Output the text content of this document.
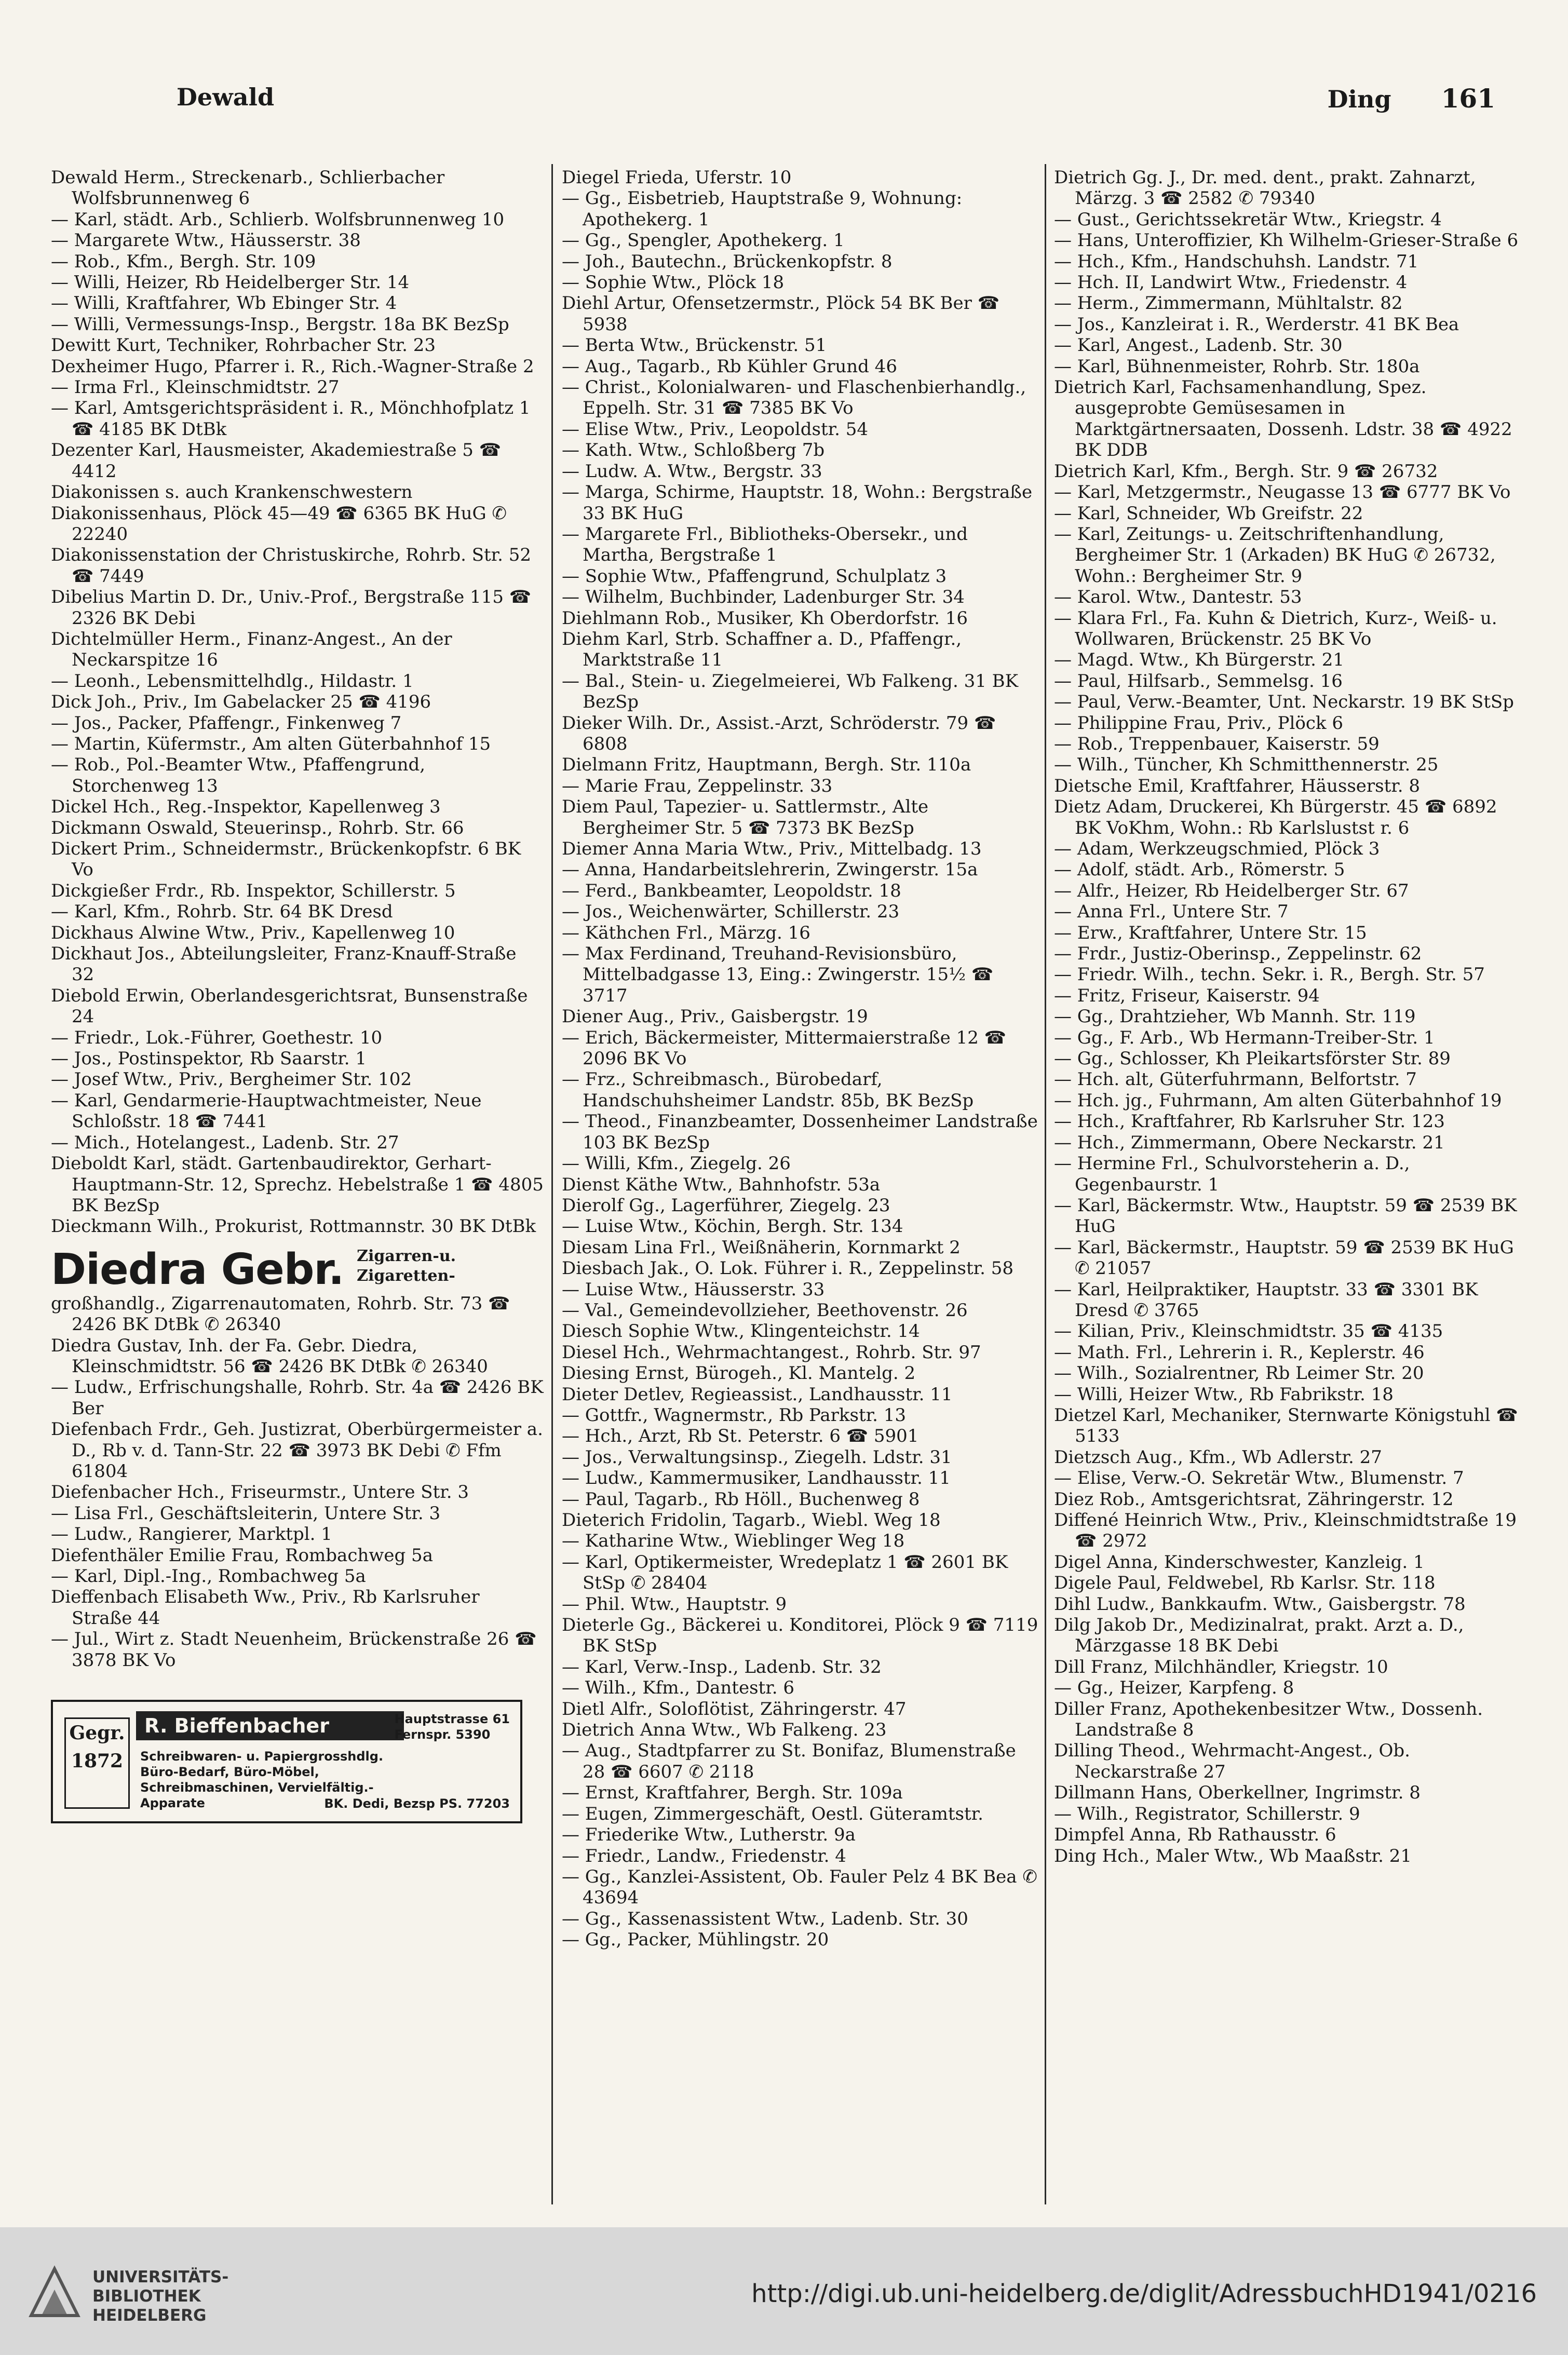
Dewald	Ding 161

Dewald Herm., Streckenarb., Schlierbacher Wolfsbrunnenweg 6

— Karl, städt. Arb., Schlierb. Wolfsbrunnenweg 10

— Margarete Wtw., Häusserstr. 38

— Rob., Kfm., Bergh. Str. 109

— Willi, Heizer, Rb Heidelberger Str. 14

— Willi, Kraftfahrer, Wb Ebinger Str. 4

— Willi, Vermessungs-Insp., Bergstr. 18a BK BezSp

Dewitt Kurt, Techniker, Rohrbacher Str. 23

Dexheimer Hugo, Pfarrer i. R., Rich.-Wagner-Straße 2

— Irma Frl., Kleinschmidtstr. 27

— Karl, Amtsgerichtspräsident i. R., Mönchhofplatz 1 ☎ 4185 BK DtBk

Dezenter Karl, Hausmeister, Akademiestraße 5 ☎ 4412

Diakonissen s. auch Krankenschwestern

Diakonissenhaus, Plöck 45—49 ☎ 6365 BK HuG ✆ 22240

Diakonissenstation der Christuskirche, Rohrb. Str. 52 ☎ 7449

Dibelius Martin D. Dr., Univ.-Prof., Bergstraße 115 ☎ 2326 BK Debi

Dichtelmüller Herm., Finanz-Angest., An der Neckarspitze 16

— Leonh., Lebensmittelhdlg., Hildastr. 1

Dick Joh., Priv., Im Gabelacker 25 ☎ 4196

— Jos., Packer, Pfaffengr., Finkenweg 7

— Martin, Küfermstr., Am alten Güterbahnhof 15

— Rob., Pol.-Beamter Wtw., Pfaffengrund, Storchenweg 13

Dickel Hch., Reg.-Inspektor, Kapellenweg 3

Dickmann Oswald, Steuerinsp., Rohrb. Str. 66

Dickert Prim., Schneidermstr., Brückenkopfstr. 6 BK Vo

Dickgießer Frdr., Rb. Inspektor, Schillerstr. 5

— Karl, Kfm., Rohrb. Str. 64 BK Dresd

Dickhaus Alwine Wtw., Priv., Kapellenweg 10

Dickhaut Jos., Abteilungsleiter, Franz-Knauff-Straße 32

Diebold Erwin, Oberlandesgerichtsrat, Bunsenstraße 24

— Friedr., Lok.-Führer, Goethestr. 10

— Jos., Postinspektor, Rb Saarstr. 1

— Josef Wtw., Priv., Bergheimer Str. 102

— Karl, Gendarmerie-Hauptwachtmeister, Neue Schloßstr. 18 ☎ 7441

— Mich., Hotelangest., Ladenb. Str. 27

Dieboldt Karl, städt. Gartenbaudirektor, Gerhart-Hauptmann-Str. 12, Sprechz. Hebelstraße 1 ☎ 4805 BK BezSp

Dieckmann Wilh., Prokurist, Rottmannstr. 30 BK DtBk

Diedra Gebr. Zigarren-u.
Zigaretten-

großhandlg., Zigarrenautomaten, Rohrb. Str. 73 ☎ 2426 BK DtBk ✆ 26340

Diedra Gustav, Inh. der Fa. Gebr. Diedra, Kleinschmidtstr. 56 ☎ 2426 BK DtBk ✆ 26340

— Ludw., Erfrischungshalle, Rohrb. Str. 4a ☎ 2426 BK Ber

Diefenbach Frdr., Geh. Justizrat, Oberbürgermeister a. D., Rb v. d. Tann-Str. 22 ☎ 3973 BK Debi ✆ Ffm 61804

Diefenbacher Hch., Friseurmstr., Untere Str. 3

— Lisa Frl., Geschäftsleiterin, Untere Str. 3

— Ludw., Rangierer, Marktpl. 1

Diefenthäler Emilie Frau, Rombachweg 5a

— Karl, Dipl.-Ing., Rombachweg 5a

Dieffenbach Elisabeth Ww., Priv., Rb Karlsruher Straße 44

— Jul., Wirt z. Stadt Neuenheim, Brückenstraße 26 ☎ 3878 BK Vo

Gegr.
1872
R. Bieffenbacher	Hauptstrasse 61
Fernspr. 5390
Schreibwaren- u. Papiergrosshdlg. Büro-Bedarf, Büro-Möbel, Schreibmaschinen, Vervielfältig.-Apparate	BK. Dedi, Bezsp PS. 77203

Diegel Frieda, Uferstr. 10

— Gg., Eisbetrieb, Hauptstraße 9, Wohnung: Apothekerg. 1

— Gg., Spengler, Apothekerg. 1

— Joh., Bautechn., Brückenkopfstr. 8

— Sophie Wtw., Plöck 18

Diehl Artur, Ofensetzermstr., Plöck 54 BK Ber ☎ 5938

— Berta Wtw., Brückenstr. 51

— Aug., Tagarb., Rb Kühler Grund 46

— Christ., Kolonialwaren- und Flaschenbierhandlg., Eppelh. Str. 31 ☎ 7385 BK Vo

— Elise Wtw., Priv., Leopoldstr. 54

— Kath. Wtw., Schloßberg 7b

— Ludw. A. Wtw., Bergstr. 33

— Marga, Schirme, Hauptstr. 18, Wohn.: Bergstraße 33 BK HuG

— Margarete Frl., Bibliotheks-Obersekr., und Martha, Bergstraße 1

— Sophie Wtw., Pfaffengrund, Schulplatz 3

— Wilhelm, Buchbinder, Ladenburger Str. 34

Diehlmann Rob., Musiker, Kh Oberdorfstr. 16

Diehm Karl, Strb. Schaffner a. D., Pfaffengr., Marktstraße 11

— Bal., Stein- u. Ziegelmeierei, Wb Falkeng. 31 BK BezSp

Dieker Wilh. Dr., Assist.-Arzt, Schröderstr. 79 ☎ 6808

Dielmann Fritz, Hauptmann, Bergh. Str. 110a

— Marie Frau, Zeppelinstr. 33

Diem Paul, Tapezier- u. Sattlermstr., Alte Bergheimer Str. 5 ☎ 7373 BK BezSp

Diemer Anna Maria Wtw., Priv., Mittelbadg. 13

— Anna, Handarbeitslehrerin, Zwingerstr. 15a

— Ferd., Bankbeamter, Leopoldstr. 18

— Jos., Weichenwärter, Schillerstr. 23

— Käthchen Frl., Märzg. 16

— Max Ferdinand, Treuhand-Revisionsbüro, Mittelbadgasse 13, Eing.: Zwingerstr. 15½ ☎ 3717

Diener Aug., Priv., Gaisbergstr. 19

— Erich, Bäckermeister, Mittermaierstraße 12 ☎ 2096 BK Vo

— Frz., Schreibmasch., Bürobedarf, Handschuhsheimer Landstr. 85b, BK BezSp

— Theod., Finanzbeamter, Dossenheimer Landstraße 103 BK BezSp

— Willi, Kfm., Ziegelg. 26

Dienst Käthe Wtw., Bahnhofstr. 53a

Dierolf Gg., Lagerführer, Ziegelg. 23

— Luise Wtw., Köchin, Bergh. Str. 134

Diesam Lina Frl., Weißnäherin, Kornmarkt 2

Diesbach Jak., O. Lok. Führer i. R., Zeppelinstr. 58

— Luise Wtw., Häusserstr. 33

— Val., Gemeindevollzieher, Beethovenstr. 26

Diesch Sophie Wtw., Klingenteichstr. 14

Diesel Hch., Wehrmachtangest., Rohrb. Str. 97

Diesing Ernst, Bürogeh., Kl. Mantelg. 2

Dieter Detlev, Regieassist., Landhausstr. 11

— Gottfr., Wagnermstr., Rb Parkstr. 13

— Hch., Arzt, Rb St. Peterstr. 6 ☎ 5901

— Jos., Verwaltungsinsp., Ziegelh. Ldstr. 31

— Ludw., Kammermusiker, Landhausstr. 11

— Paul, Tagarb., Rb Höll., Buchenweg 8

Dieterich Fridolin, Tagarb., Wiebl. Weg 18

— Katharine Wtw., Wieblinger Weg 18

— Karl, Optikermeister, Wredeplatz 1 ☎ 2601 BK StSp ✆ 28404

— Phil. Wtw., Hauptstr. 9

Dieterle Gg., Bäckerei u. Konditorei, Plöck 9 ☎ 7119 BK StSp

— Karl, Verw.-Insp., Ladenb. Str. 32

— Wilh., Kfm., Dantestr. 6

Dietl Alfr., Soloflötist, Zähringerstr. 47

Dietrich Anna Wtw., Wb Falkeng. 23

— Aug., Stadtpfarrer zu St. Bonifaz, Blumenstraße 28 ☎ 6607 ✆ 2118

— Ernst, Kraftfahrer, Bergh. Str. 109a

— Eugen, Zimmergeschäft, Oestl. Güteramtstr.

— Friederike Wtw., Lutherstr. 9a

— Friedr., Landw., Friedenstr. 4

— Gg., Kanzlei-Assistent, Ob. Fauler Pelz 4 BK Bea ✆ 43694

— Gg., Kassenassistent Wtw., Ladenb. Str. 30

— Gg., Packer, Mühlingstr. 20

Dietrich Gg. J., Dr. med. dent., prakt. Zahnarzt, Märzg. 3 ☎ 2582 ✆ 79340

— Gust., Gerichtssekretär Wtw., Kriegstr. 4

— Hans, Unteroffizier, Kh Wilhelm-Grieser-Straße 6

— Hch., Kfm., Handschuhsh. Landstr. 71

— Hch. II, Landwirt Wtw., Friedenstr. 4

— Herm., Zimmermann, Mühltalstr. 82

— Jos., Kanzleirat i. R., Werderstr. 41 BK Bea

— Karl, Angest., Ladenb. Str. 30

— Karl, Bühnenmeister, Rohrb. Str. 180a

Dietrich Karl, Fachsamenhandlung, Spez. ausgeprobte Gemüsesamen in Marktgärtnersaaten, Dossenh. Ldstr. 38 ☎ 4922 BK DDB

Dietrich Karl, Kfm., Bergh. Str. 9 ☎ 26732

— Karl, Metzgermstr., Neugasse 13 ☎ 6777 BK Vo

— Karl, Schneider, Wb Greifstr. 22

— Karl, Zeitungs- u. Zeitschriftenhandlung, Bergheimer Str. 1 (Arkaden) BK HuG ✆ 26732, Wohn.: Bergheimer Str. 9

— Karol. Wtw., Dantestr. 53

— Klara Frl., Fa. Kuhn & Dietrich, Kurz-, Weiß- u. Wollwaren, Brückenstr. 25 BK Vo

— Magd. Wtw., Kh Bürgerstr. 21

— Paul, Hilfsarb., Semmelsg. 16

— Paul, Verw.-Beamter, Unt. Neckarstr. 19 BK StSp

— Philippine Frau, Priv., Plöck 6

— Rob., Treppenbauer, Kaiserstr. 59

— Wilh., Tüncher, Kh Schmitthennerstr. 25

Dietsche Emil, Kraftfahrer, Häusserstr. 8

Dietz Adam, Druckerei, Kh Bürgerstr. 45 ☎ 6892 BK VoKhm, Wohn.: Rb Karlslustst r. 6

— Adam, Werkzeugschmied, Plöck 3

— Adolf, städt. Arb., Römerstr. 5

— Alfr., Heizer, Rb Heidelberger Str. 67

— Anna Frl., Untere Str. 7

— Erw., Kraftfahrer, Untere Str. 15

— Frdr., Justiz-Oberinsp., Zeppelinstr. 62

— Friedr. Wilh., techn. Sekr. i. R., Bergh. Str. 57

— Fritz, Friseur, Kaiserstr. 94

— Gg., Drahtzieher, Wb Mannh. Str. 119

— Gg., F. Arb., Wb Hermann-Treiber-Str. 1

— Gg., Schlosser, Kh Pleikartsförster Str. 89

— Hch. alt, Güterfuhrmann, Belfortstr. 7

— Hch. jg., Fuhrmann, Am alten Güterbahnhof 19

— Hch., Kraftfahrer, Rb Karlsruher Str. 123

— Hch., Zimmermann, Obere Neckarstr. 21

— Hermine Frl., Schulvorsteherin a. D., Gegenbaurstr. 1

— Karl, Bäckermstr. Wtw., Hauptstr. 59 ☎ 2539 BK HuG

— Karl, Bäckermstr., Hauptstr. 59 ☎ 2539 BK HuG ✆ 21057

— Karl, Heilpraktiker, Hauptstr. 33 ☎ 3301 BK Dresd ✆ 3765

— Kilian, Priv., Kleinschmidtstr. 35 ☎ 4135

— Math. Frl., Lehrerin i. R., Keplerstr. 46

— Wilh., Sozialrentner, Rb Leimer Str. 20

— Willi, Heizer Wtw., Rb Fabrikstr. 18

Dietzel Karl, Mechaniker, Sternwarte Königstuhl ☎ 5133

Dietzsch Aug., Kfm., Wb Adlerstr. 27

— Elise, Verw.-O. Sekretär Wtw., Blumenstr. 7

Diez Rob., Amtsgerichtsrat, Zähringerstr. 12

Diffené Heinrich Wtw., Priv., Kleinschmidtstraße 19 ☎ 2972

Digel Anna, Kinderschwester, Kanzleig. 1

Digele Paul, Feldwebel, Rb Karlsr. Str. 118

Dihl Ludw., Bankkaufm. Wtw., Gaisbergstr. 78

Dilg Jakob Dr., Medizinalrat, prakt. Arzt a. D., Märzgasse 18 BK Debi

Dill Franz, Milchhändler, Kriegstr. 10

— Gg., Heizer, Karpfeng. 8

Diller Franz, Apothekenbesitzer Wtw., Dossenh. Landstraße 8

Dilling Theod., Wehrmacht-Angest., Ob. Neckarstraße 27

Dillmann Hans, Oberkellner, Ingrimstr. 8

— Wilh., Registrator, Schillerstr. 9

Dimpfel Anna, Rb Rathausstr. 6

Ding Hch., Maler Wtw., Wb Maaßstr. 21

UNIVERSITÄTS-
BIBLIOTHEK
HEIDELBERG
http://digi.ub.uni-heidelberg.de/diglit/AdressbuchHD1941/0216
